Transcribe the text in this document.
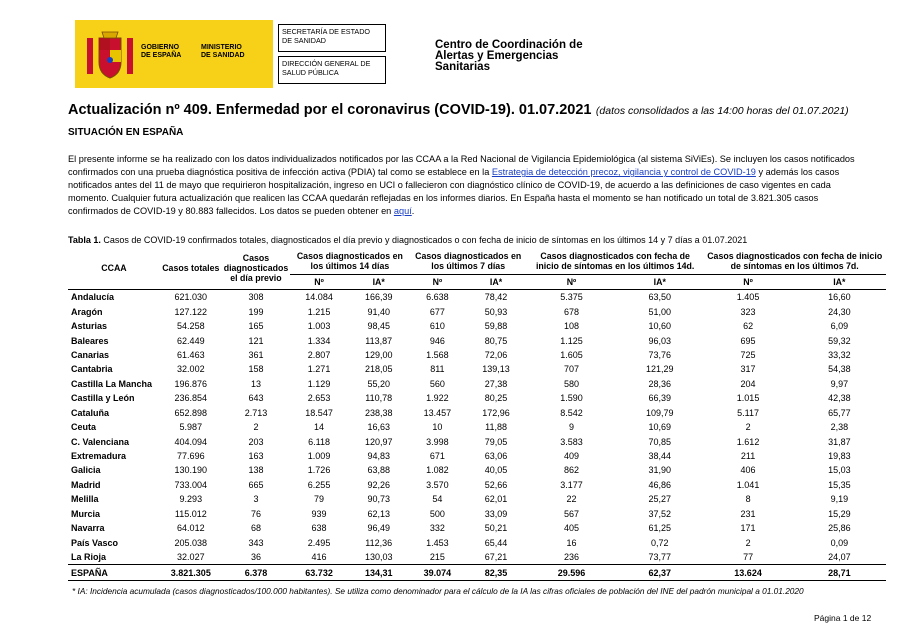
GOBIERNO
DE ESPAÑA
MINISTERIO
DE SANIDAD
SECRETARÍA DE ESTADO
DE SANIDAD
DIRECCIÓN GENERAL DE
SALUD PÚBLICA
Centro de Coordinación de
Alertas y Emergencias
Sanitarias
Actualización nº 409. Enfermedad por el coronavirus (COVID-19). 01.07.2021 (datos consolidados a las 14:00 horas del 01.07.2021)
SITUACIÓN EN ESPAÑA
El presente informe se ha realizado con los datos individualizados notificados por las CCAA a la Red Nacional de Vigilancia Epidemiológica (al sistema SiViEs). Se incluyen los casos notificados confirmados con una prueba diagnóstica positiva de infección activa (PDIA) tal como se establece en la Estrategia de detección precoz, vigilancia y control de COVID-19 y además los casos notificados antes del 11 de mayo que requirieron hospitalización, ingreso en UCI o fallecieron con diagnóstico clínico de COVID-19, de acuerdo a las definiciones de caso vigentes en cada momento. Cualquier futura actualización que realicen las CCAA quedarán reflejadas en los informes diarios. En España hasta el momento se han notificado un total de 3.821.305 casos confirmados de COVID-19 y 80.883 fallecidos. Los datos se pueden obtener en aquí.
Tabla 1. Casos de COVID-19 confirmados totales, diagnosticados el día previo y diagnosticados o con fecha de inicio de síntomas en los últimos 14 y 7 días a 01.07.2021
CCAA	Casos totales	Casos diagnosticados el día previo	Casos diagnosticados en los últimos 14 días		Casos diagnosticados en los últimos 7 días		Casos diagnosticados con fecha de inicio de síntomas en los últimos 14d.		Casos diagnosticados con fecha de inicio de síntomas en los últimos 7d.	
			Nº	IA*	Nº	IA*	Nº	IA*	Nº	IA*
Andalucía	621.030	308	14.084	166,39	6.638	78,42	5.375	63,50	1.405	16,60
Aragón	127.122	199	1.215	91,40	677	50,93	678	51,00	323	24,30
Asturias	54.258	165	1.003	98,45	610	59,88	108	10,60	62	6,09
Baleares	62.449	121	1.334	113,87	946	80,75	1.125	96,03	695	59,32
Canarias	61.463	361	2.807	129,00	1.568	72,06	1.605	73,76	725	33,32
Cantabria	32.002	158	1.271	218,05	811	139,13	707	121,29	317	54,38
Castilla La Mancha	196.876	13	1.129	55,20	560	27,38	580	28,36	204	9,97
Castilla y León	236.854	643	2.653	110,78	1.922	80,25	1.590	66,39	1.015	42,38
Cataluña	652.898	2.713	18.547	238,38	13.457	172,96	8.542	109,79	5.117	65,77
Ceuta	5.987	2	14	16,63	10	11,88	9	10,69	2	2,38
C. Valenciana	404.094	203	6.118	120,97	3.998	79,05	3.583	70,85	1.612	31,87
Extremadura	77.696	163	1.009	94,83	671	63,06	409	38,44	211	19,83
Galicia	130.190	138	1.726	63,88	1.082	40,05	862	31,90	406	15,03
Madrid	733.004	665	6.255	92,26	3.570	52,66	3.177	46,86	1.041	15,35
Melilla	9.293	3	79	90,73	54	62,01	22	25,27	8	9,19
Murcia	115.012	76	939	62,13	500	33,09	567	37,52	231	15,29
Navarra	64.012	68	638	96,49	332	50,21	405	61,25	171	25,86
País Vasco	205.038	343	2.495	112,36	1.453	65,44	16	0,72	2	0,09
La Rioja	32.027	36	416	130,03	215	67,21	236	73,77	77	24,07
ESPAÑA	3.821.305	6.378	63.732	134,31	39.074	82,35	29.596	62,37	13.624	28,71
* IA: Incidencia acumulada (casos diagnosticados/100.000 habitantes). Se utiliza como denominador para el cálculo de la IA las cifras oficiales de población del INE del padrón municipal a 01.01.2020
Página 1 de 12
